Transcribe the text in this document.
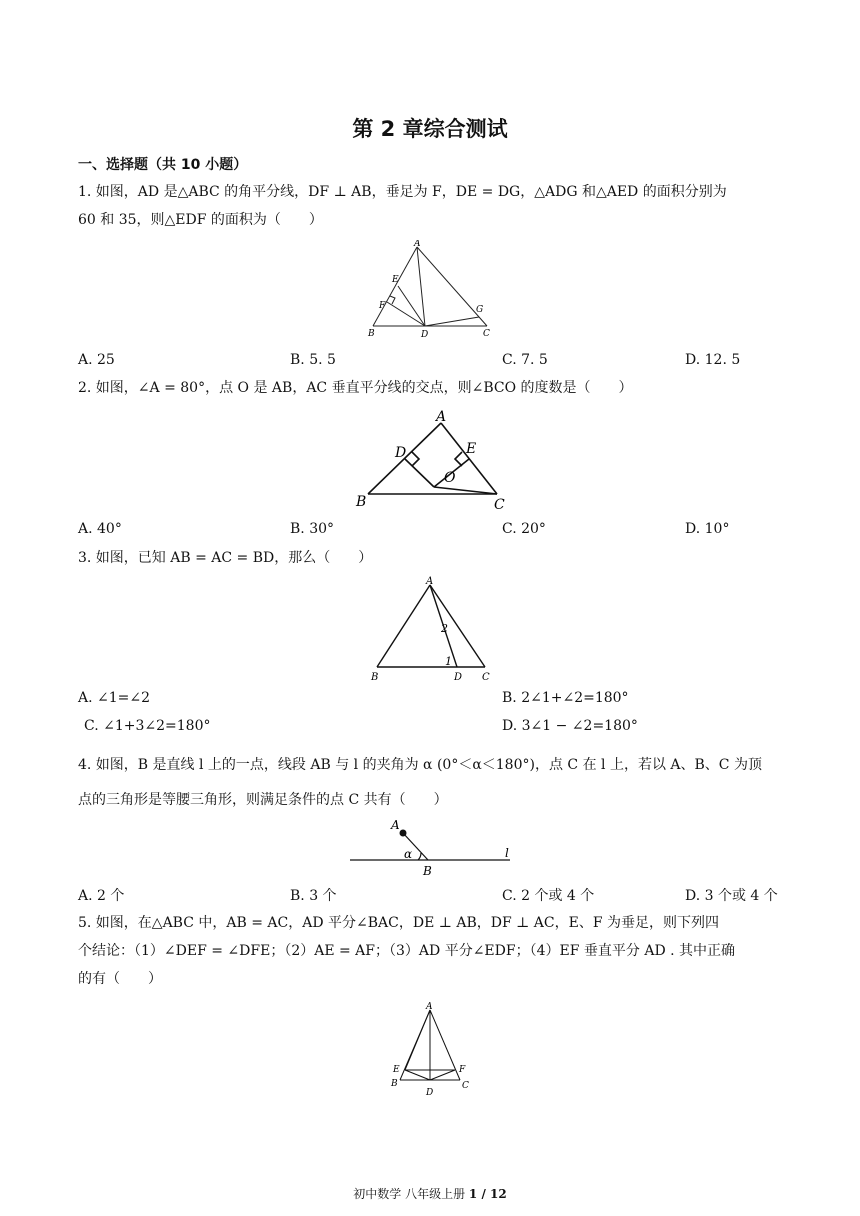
第 2 章综合测试
一、选择题（共 10 小题）
1. 如图，AD 是△ABC 的角平分线，DF ⊥ AB，垂足为 F，DE = DG，△ADG 和△AED 的面积分别为
60 和 35，则△EDF 的面积为（　　）
A
E
F	G
B	D	C
A. 25	B. 5. 5	C. 7. 5	D. 12. 5
2. 如图，∠A = 80°，点 O 是 AB，AC 垂直平分线的交点，则∠BCO 的度数是（　　）
A
D	E
O
B	C
A. 40°	B. 30°	C. 20°	D. 10°
3. 如图，已知 AB = AC = BD，那么（　　）
A
2
1
B	D C
A. ∠1=∠2	B. 2∠1+∠2=180°
C. ∠1+3∠2=180°	D. 3∠1 − ∠2=180°
4. 如图，B 是直线 l 上的一点，线段 AB 与 l 的夹角为 α (0°＜α＜180°)，点 C 在 l 上，若以 A、B、C 为顶
点的三角形是等腰三角形，则满足条件的点 C 共有（　　）
A
α
B
l
A. 2 个	B. 3 个	C. 2 个或 4 个	D. 3 个或 4 个
5. 如图，在△ABC 中，AB = AC，AD 平分∠BAC，DE ⊥ AB，DF ⊥ AC，E、F 为垂足，则下列四
个结论：（1）∠DEF = ∠DFE；（2）AE = AF；（3）AD 平分∠EDF；（4）EF 垂直平分 AD . 其中正确
的有（　　）
A
E	F
B
D
C
初中数学 八年级上册 1 / 12
